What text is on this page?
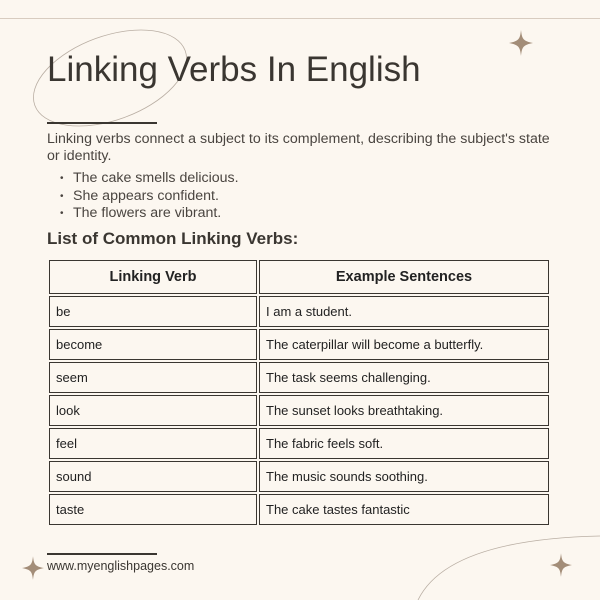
Linking Verbs In English

Linking verbs connect a subject to its complement, describing the subject's state or identity.

• The cake smells delicious.
• She appears confident.
• The flowers are vibrant.
List of Common Linking Verbs:
Linking Verb	Example Sentences
be	I am a student.
become	The caterpillar will become a butterfly.
seem	The task seems challenging.
look	The sunset looks breathtaking.
feel	The fabric feels soft.
sound	The music sounds soothing.
taste	The cake tastes fantastic
www.myenglishpages.com
